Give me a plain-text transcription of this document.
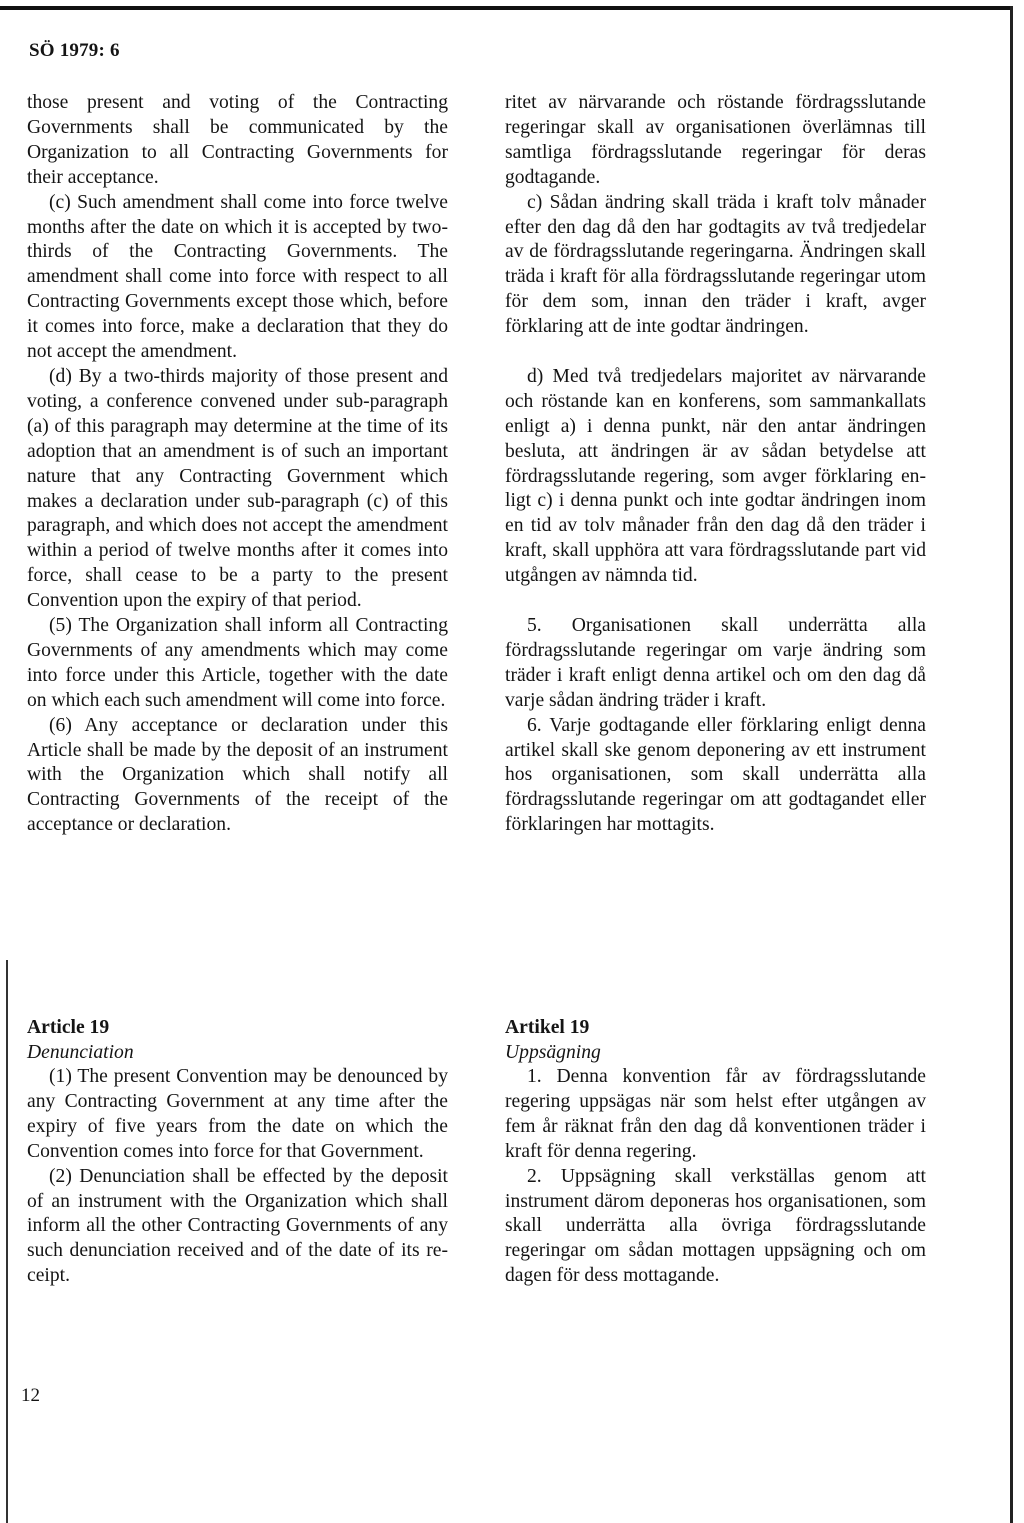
SÖ 1979: 6

those present and voting of the Contracting Governments shall be communicated by the Organization to all Contracting Governments for their acceptance.

(c) Such amendment shall come into force twelve months after the date on which it is accepted by two-thirds of the Contracting Governments. The amendment shall come into force with respect to all Contracting Governments except those which, before it comes into force, make a declaration that they do not accept the amendment.

(d) By a two-thirds majority of those present and voting, a conference convened under sub-paragraph (a) of this paragraph may determine at the time of its adoption that an amendment is of such an important nature that any Contracting Government which makes a declaration under sub-paragraph (c) of this paragraph, and which does not accept the amendment within a period of twelve months after it comes into force, shall cease to be a party to the present Convention upon the expiry of that period.

(5) The Organization shall inform all Contracting Governments of any amendments which may come into force under this Article, together with the date on which each such amendment will come into force.

(6) Any acceptance or declaration under this Article shall be made by the deposit of an instrument with the Organization which shall notify all Contracting Governments of the receipt of the acceptance or declaration.

ritet av närvarande och röstande fördragsslutande regeringar skall av organisationen överlämnas till samtliga fördragsslutande regeringar för deras godtagande.

c) Sådan ändring skall träda i kraft tolv månader efter den dag då den har godtagits av två tredjedelar av de fördragsslutande regeringarna. Ändringen skall träda i kraft för alla fördragsslutande regeringar utom för dem som, innan den träder i kraft, avger förklaring att de inte godtar ändringen.

d) Med två tredjedelars majoritet av närvarande och röstande kan en konferens, som sammankallats enligt a) i denna punkt, när den antar ändringen besluta, att ändringen är av sådan betydelse att fördragsslutande regering, som avger förklaring enligt c) i denna punkt och inte godtar ändringen inom en tid av tolv månader från den dag då den träder i kraft, skall upphöra att vara fördragsslutande part vid utgången av nämnda tid.

5. Organisationen skall underrätta alla fördragsslutande regeringar om varje ändring som träder i kraft enligt denna artikel och om den dag då varje sådan ändring träder i kraft.

6. Varje godtagande eller förklaring enligt denna artikel skall ske genom deponering av ett instrument hos organisationen, som skall underrätta alla fördragsslutande regeringar om att godtagandet eller förklaringen har mottagits.

Article 19

Denunciation

(1) The present Convention may be denounced by any Contracting Government at any time after the expiry of five years from the date on which the Convention comes into force for that Government.

(2) Denunciation shall be effected by the deposit of an instrument with the Organization which shall inform all the other Contracting Governments of any such denunciation received and of the date of its receipt.

Artikel 19

Uppsägning

1. Denna konvention får av fördragsslutande regering uppsägas när som helst efter utgången av fem år räknat från den dag då konventionen träder i kraft för denna regering.

2. Uppsägning skall verkställas genom att instrument därom deponeras hos organisationen, som skall underrätta alla övriga fördragsslutande regeringar om sådan mottagen uppsägning och om dagen för dess mottagande.

12
